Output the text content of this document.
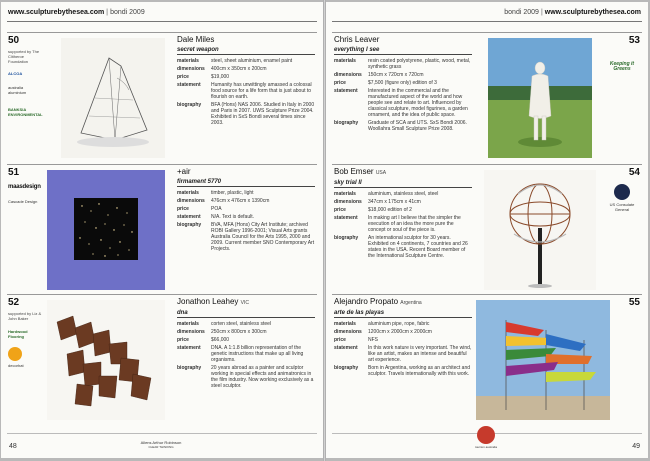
www.sculpturebythesea.com | bondi 2009
50
supported by The Clitheroe Foundation
ALCOA
australia aluminium
BANKSIA ENVIRONMENTAL
Dale Miles
secret weapon
materials	steel, sheet aluminium, enamel paint
dimensions	400cm x 350cm x 200cm
price	$19,000
statement	Humanity has unwittingly amassed a colossal food source for a life form that is just about to flourish on earth.
biography	BFA (Hons) NAS 2006. Studied in Italy in 2000 and Paris in 2007. UWS Sculpture Prize 2004. Exhibited in SxS Bondi several times since 2003.
51
maasdesign
Cascade Design
+air
firmament 5770
materials	timber, plastic, light
dimensions	476cm x 476cm x 1390cm
price	POA
statement	N/A. Text is default.
biography	BVA, MFA (Hons) City Art Institute; archived ROBI Gallery 1996-2001; Visual Arts grants Australia Council for the Arts 1995, 2000 and 2009. Current member SNO Contemporary Art Projects.
52
supported by Liz & John Baker
Hardwood Flooring
decorhat
Jonathon Leahey VIC
dna
materials	corten steel, stainless steel
dimensions	250cm x 800cm x 300cm
price	$66,000
statement	DNA. A 1:1.8 billion representation of the genetic instructions that make up all living organisms.
biography	20 years abroad as a painter and sculptor working in special effects and animatronics in the film industry. Now working exclusively as a steel sculptor.
48
Allens Arthur Robinson
CLEAR THINKING
bondi 2009 | www.sculpturebythesea.com
Chris Leaver
everything I see
materials	resin coated polystyrene, plastic, wood, metal, synthetic grass
dimensions	150cm x 720cm x 720cm
price	$7,500 (figure only) edition of 3
statement	Interested in the commercial and the manufactured aspect of the world and how people see and relate to art. Influenced by classical sculpture, model figurines, a garden ornament, and the idea of public space.
biography	Graduate of SCA and UTS. SxS Bondi 2006. Woollahra Small Sculpture Prize 2008.
53
Keeping it Greens
Bob Emser USA
sky trial II
materials	aluminium, stainless steel, steel
dimensions	347cm x 175cm x 41cm
price	$18,000 edition of 2
statement	In making art I believe that the simpler the execution of an idea the more pure the concept or soul of the piece is.
biography	An international sculptor for 30 years. Exhibited on 4 continents, 7 countries and 26 states in the USA. Recent Board member of the International Sculpture Centre.
54
US Consulate General
Alejandro Propato Argentina
arte de las playas
materials	aluminium pipe, rope, fabric
dimensions	1200cm x 2000cm x 2000cm
price	NFS
statement	In this work nature is very important. The wind, like an artist, makes an intense and beautiful art experience.
biography	Born in Argentina, working as an architect and sculptor. Travels internationally with this work.
55
tourism australia	49
